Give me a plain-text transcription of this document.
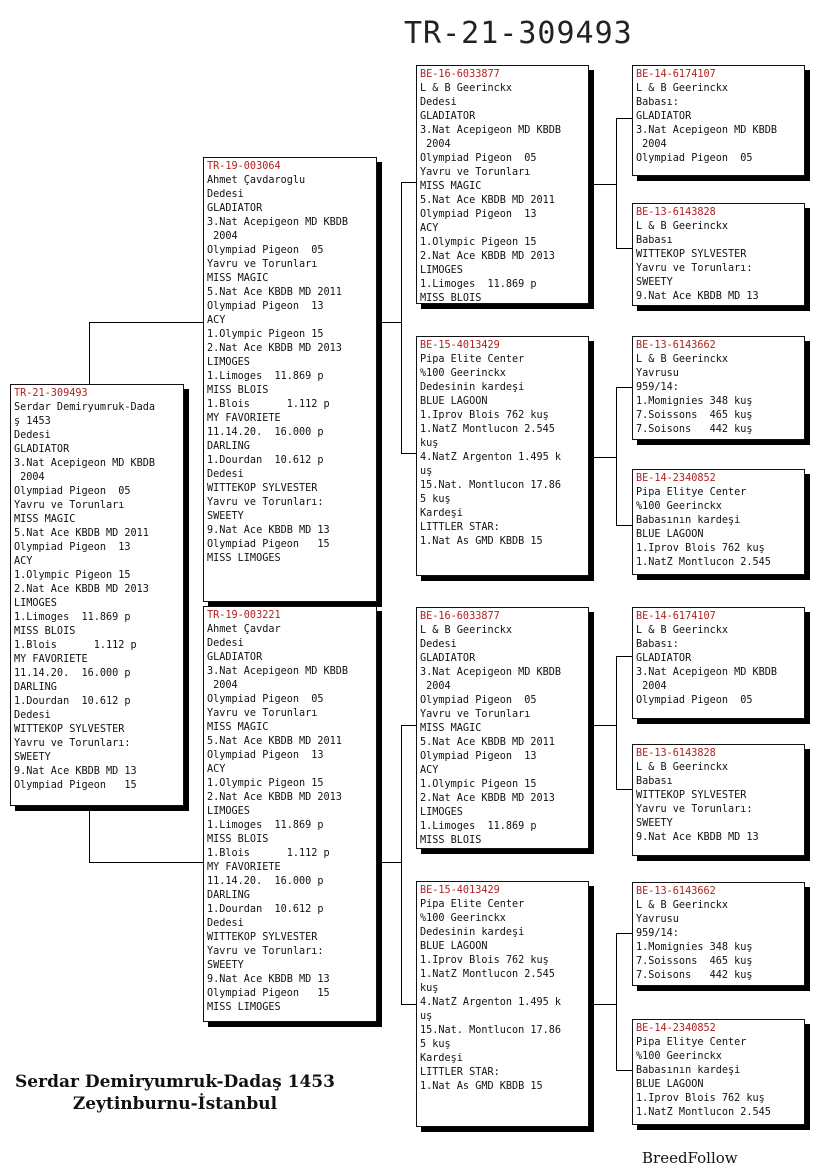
TR-21-309493
TR-21-309493
Serdar Demiryumruk-Dada
ş 1453
Dedesi
GLADIATOR
3.Nat Acepigeon MD KBDB
2004
Olympiad Pigeon  05
Yavru ve Torunları
MISS MAGIC
5.Nat Ace KBDB MD 2011
Olympiad Pigeon  13
ACY
1.Olympic Pigeon 15
2.Nat Ace KBDB MD 2013
LIMOGES
1.Limoges  11.869 p
MISS BLOIS
1.Blois      1.112 p
MY FAVORIETE
11.14.20.  16.000 p
DARLING
1.Dourdan  10.612 p
Dedesi
WITTEKOP SYLVESTER
Yavru ve Torunları:
SWEETY
9.Nat Ace KBDB MD 13
Olympiad Pigeon   15
TR-19-003064
Ahmet Çavdaroglu
Dedesi
GLADIATOR
3.Nat Acepigeon MD KBDB
2004
Olympiad Pigeon  05
Yavru ve Torunları
MISS MAGIC
5.Nat Ace KBDB MD 2011
Olympiad Pigeon  13
ACY
1.Olympic Pigeon 15
2.Nat Ace KBDB MD 2013
LIMOGES
1.Limoges  11.869 p
MISS BLOIS
1.Blois      1.112 p
MY FAVORIETE
11.14.20.  16.000 p
DARLING
1.Dourdan  10.612 p
Dedesi
WITTEKOP SYLVESTER
Yavru ve Torunları:
SWEETY
9.Nat Ace KBDB MD 13
Olympiad Pigeon   15
MISS LIMOGES
TR-19-003221
Ahmet Çavdar
Dedesi
GLADIATOR
3.Nat Acepigeon MD KBDB
2004
Olympiad Pigeon  05
Yavru ve Torunları
MISS MAGIC
5.Nat Ace KBDB MD 2011
Olympiad Pigeon  13
ACY
1.Olympic Pigeon 15
2.Nat Ace KBDB MD 2013
LIMOGES
1.Limoges  11.869 p
MISS BLOIS
1.Blois      1.112 p
MY FAVORIETE
11.14.20.  16.000 p
DARLING
1.Dourdan  10.612 p
Dedesi
WITTEKOP SYLVESTER
Yavru ve Torunları:
SWEETY
9.Nat Ace KBDB MD 13
Olympiad Pigeon   15
MISS LIMOGES
BE-16-6033877
L & B Geerinckx
Dedesi
GLADIATOR
3.Nat Acepigeon MD KBDB
2004
Olympiad Pigeon  05
Yavru ve Torunları
MISS MAGIC
5.Nat Ace KBDB MD 2011
Olympiad Pigeon  13
ACY
1.Olympic Pigeon 15
2.Nat Ace KBDB MD 2013
LIMOGES
1.Limoges  11.869 p
MISS BLOIS
BE-15-4013429
Pipa Elite Center
%100 Geerinckx
Dedesinin kardeşi
BLUE LAGOON
1.Iprov Blois 762 kuş
1.NatZ Montlucon 2.545
kuş
4.NatZ Argenton 1.495 k
uş
15.Nat. Montlucon 17.86
5 kuş
Kardeşi
LITTLER STAR:
1.Nat As GMD KBDB 15
BE-16-6033877
L & B Geerinckx
Dedesi
GLADIATOR
3.Nat Acepigeon MD KBDB
2004
Olympiad Pigeon  05
Yavru ve Torunları
MISS MAGIC
5.Nat Ace KBDB MD 2011
Olympiad Pigeon  13
ACY
1.Olympic Pigeon 15
2.Nat Ace KBDB MD 2013
LIMOGES
1.Limoges  11.869 p
MISS BLOIS
BE-15-4013429
Pipa Elite Center
%100 Geerinckx
Dedesinin kardeşi
BLUE LAGOON
1.Iprov Blois 762 kuş
1.NatZ Montlucon 2.545
kuş
4.NatZ Argenton 1.495 k
uş
15.Nat. Montlucon 17.86
5 kuş
Kardeşi
LITTLER STAR:
1.Nat As GMD KBDB 15
BE-14-6174107
L & B Geerinckx
Babası:
GLADIATOR
3.Nat Acepigeon MD KBDB
2004
Olympiad Pigeon  05
BE-13-6143828
L & B Geerinckx
Babası
WITTEKOP SYLVESTER
Yavru ve Torunları:
SWEETY
9.Nat Ace KBDB MD 13
BE-13-6143662
L & B Geerinckx
Yavrusu
959/14:
1.Momignies 348 kuş
7.Soissons  465 kuş
7.Soisons   442 kuş
BE-14-2340852
Pipa Elitye Center
%100 Geerinckx
Babasının kardeşi
BLUE LAGOON
1.Iprov Blois 762 kuş
1.NatZ Montlucon 2.545
BE-14-6174107
L & B Geerinckx
Babası:
GLADIATOR
3.Nat Acepigeon MD KBDB
2004
Olympiad Pigeon  05
BE-13-6143828
L & B Geerinckx
Babası
WITTEKOP SYLVESTER
Yavru ve Torunları:
SWEETY
9.Nat Ace KBDB MD 13
BE-13-6143662
L & B Geerinckx
Yavrusu
959/14:
1.Momignies 348 kuş
7.Soissons  465 kuş
7.Soisons   442 kuş
BE-14-2340852
Pipa Elitye Center
%100 Geerinckx
Babasının kardeşi
BLUE LAGOON
1.Iprov Blois 762 kuş
1.NatZ Montlucon 2.545
Serdar Demiryumruk-Dadaş 1453
Zeytinburnu-İstanbul
BreedFollow
